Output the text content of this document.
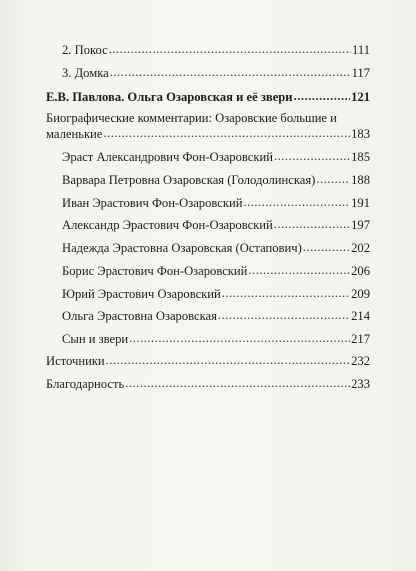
2. Покос .....	111
3. Домка .....	117
Е.В. Павлова. Ольга Озаровская и её звери .....	121
Биографические комментарии: Озаровские большие и
маленькие .....	183
Эраст Александрович Фон-Озаровский .....	185
Варвара Петровна Озаровская (Голодолинская) .....	188
Иван Эрастович Фон-Озаровский .....	191
Александр Эрастович Фон-Озаровский .....	197
Надежда Эрастовна Озаровская (Остапович) .....	202
Борис Эрастович Фон-Озаровский .....	206
Юрий Эрастович Озаровский .....	209
Ольга Эрастовна Озаровская .....	214
Сын и звери .....	217
Источники .....	232
Благодарность .....	233
